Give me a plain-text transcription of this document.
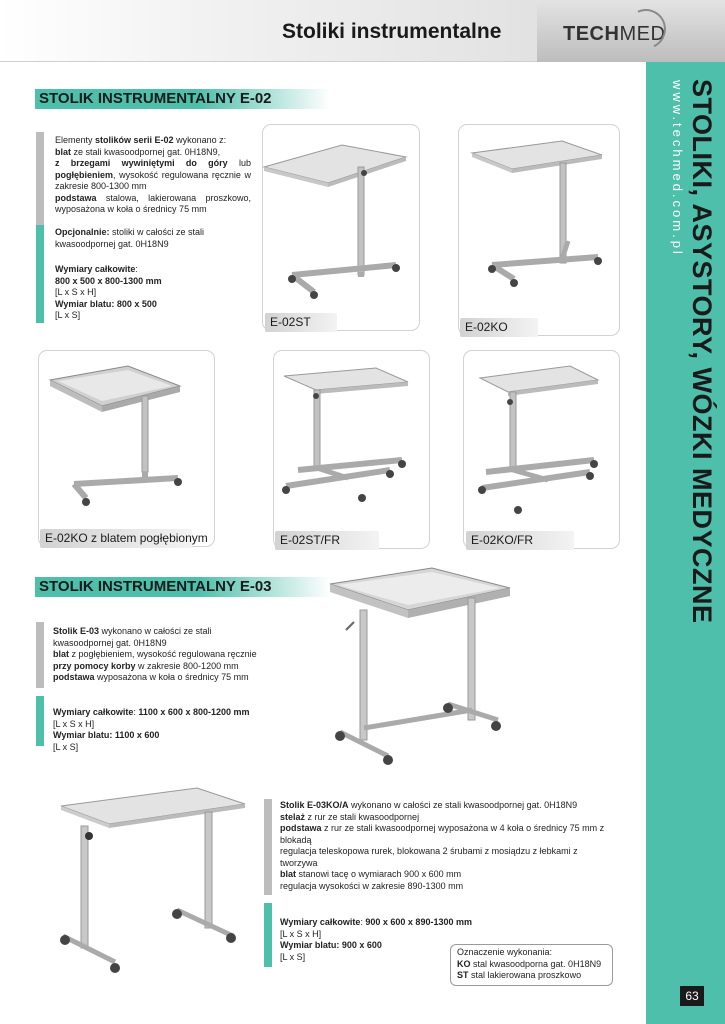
Stoliki instrumentalne	TECHMED
www.techmed.com.pl STOLIKI, ASYSTORY, WÓZKI MEDYCZNE
63
STOLIK INSTRUMENTALNY E-02
Elementy stolików serii E-02 wykonano z:
blat ze stali kwasoodpornej gat. 0H18N9,
z brzegami wywiniętymi do góry lub pogłębieniem, wysokość regulowana ręcznie w zakresie 800-1300 mm
podstawa stalowa, lakierowana proszkowo, wyposażona w koła o średnicy 75 mm
Opcjonalnie: stoliki w całości ze stali kwasoodpornej gat. 0H18N9
Wymiary całkowite:
800 x 500 x 800-1300 mm
[L x S x H]
Wymiar blatu: 800 x 500
[L x S]	E-02ST	E-02KO
E-02KO z blatem pogłębionym	E-02ST/FR	E-02KO/FR
STOLIK INSTRUMENTALNY E-03
Stolik E-03 wykonano w całości ze stali kwasoodpornej gat. 0H18N9
blat z pogłębieniem, wysokość regulowana ręcznie przy pomocy korby w zakresie 800-1200 mm
podstawa wyposażona w koła o średnicy 75 mm
Wymiary całkowite: 1100 x 600 x 800-1200 mm
[L x S x H]
Wymiar blatu: 1100 x 600
[L x S]
Stolik E-03KO/A wykonano w całości ze stali kwasoodpornej gat. 0H18N9
stelaż z rur ze stali kwasoodpornej
podstawa z rur ze stali kwasoodpornej wyposażona w 4 koła o średnicy 75 mm z blokadą
regulacja teleskopowa rurek, blokowana 2 śrubami z mosiądzu z łebkami z tworzywa
blat stanowi tacę o wymiarach 900 x 600 mm
regulacja wysokości w zakresie 890-1300 mm
Wymiary całkowite: 900 x 600 x 890-1300 mm
[L x S x H]
Wymiar blatu: 900 x 600
[L x S]	Oznaczenie wykonania:
KO stal kwasoodporna gat. 0H18N9
ST stal lakierowana proszkowo
